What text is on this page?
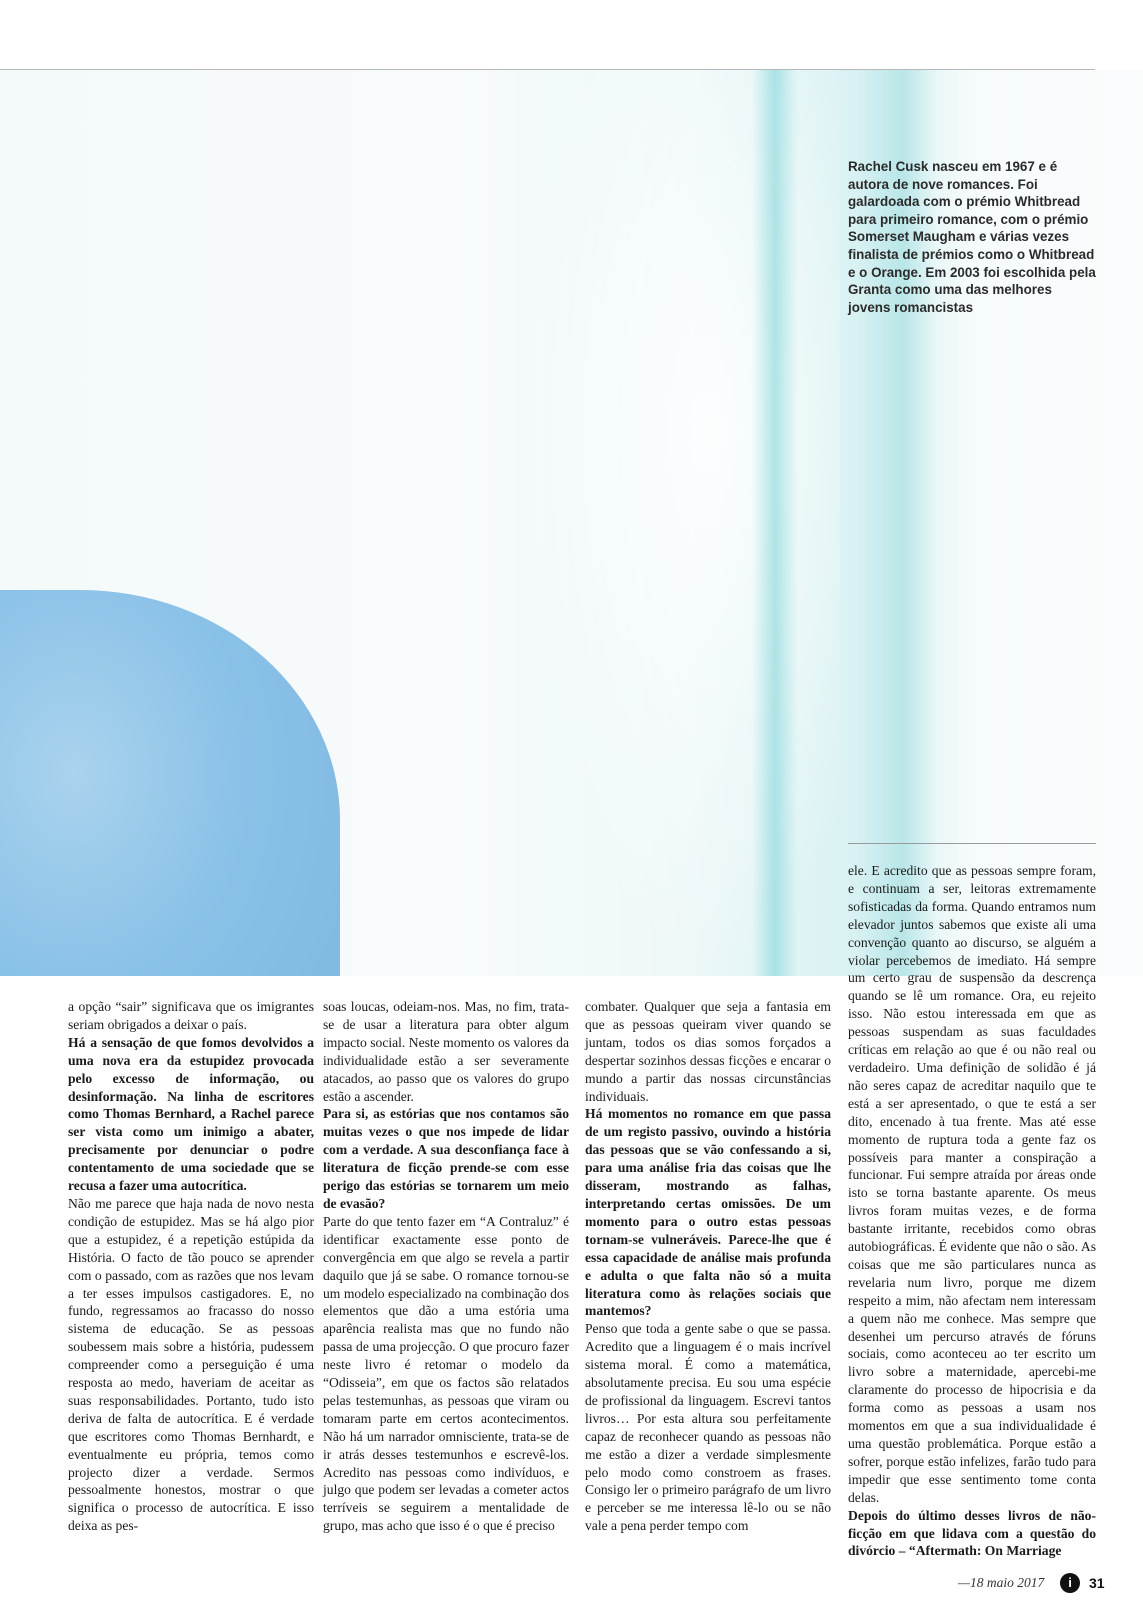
Rachel Cusk nasceu em 1967 e é autora de nove romances. Foi galardoada com o prémio Whitbread para primeiro romance, com o prémio Somerset Maugham e várias vezes finalista de prémios como o Whitbread e o Orange. Em 2003 foi escolhida pela Granta como uma das melhores jovens romancistas

a opção “sair” significava que os imigrantes seriam obrigados a deixar o país.

Há a sensação de que fomos devolvidos a uma nova era da estupidez provocada pelo excesso de informação, ou desinformação. Na linha de escritores como Thomas Bernhard, a Rachel parece ser vista como um inimigo a abater, precisamente por denunciar o podre contentamento de uma sociedade que se recusa a fazer uma autocrítica.

Não me parece que haja nada de novo nesta condição de estupidez. Mas se há algo pior que a estupidez, é a repetição estúpida da História. O facto de tão pouco se aprender com o passado, com as razões que nos levam a ter esses impulsos castigadores. E, no fundo, regressamos ao fracasso do nosso sistema de educação. Se as pessoas soubessem mais sobre a história, pudessem compreender como a perseguição é uma resposta ao medo, haveriam de aceitar as suas responsabilidades. Portanto, tudo isto deriva de falta de autocrítica. E é verdade que escritores como Thomas Bernhardt, e eventualmente eu própria, temos como projecto dizer a verdade. Sermos pessoalmente honestos, mostrar o que significa o processo de autocrítica. E isso deixa as pes-

soas loucas, odeiam-nos. Mas, no fim, trata-se de usar a literatura para obter algum impacto social. Neste momento os valores da individualidade estão a ser severamente atacados, ao passo que os valores do grupo estão a ascender.

Para si, as estórias que nos contamos são muitas vezes o que nos impede de lidar com a verdade. A sua desconfiança face à literatura de ficção prende-se com esse perigo das estórias se tornarem um meio de evasão?

Parte do que tento fazer em “A Contraluz” é identificar exactamente esse ponto de convergência em que algo se revela a partir daquilo que já se sabe. O romance tornou-se um modelo especializado na combinação dos elementos que dão a uma estória uma aparência realista mas que no fundo não passa de uma projecção. O que procuro fazer neste livro é retomar o modelo da “Odisseia”, em que os factos são relatados pelas testemunhas, as pessoas que viram ou tomaram parte em certos acontecimentos. Não há um narrador omnisciente, trata-se de ir atrás desses testemunhos e escrevê-los. Acredito nas pessoas como indivíduos, e julgo que podem ser levadas a cometer actos terríveis se seguirem a mentalidade de grupo, mas acho que isso é o que é preciso

combater. Qualquer que seja a fantasia em que as pessoas queiram viver quando se juntam, todos os dias somos forçados a despertar sozinhos dessas ficções e encarar o mundo a partir das nossas circunstâncias individuais.

Há momentos no romance em que passa de um registo passivo, ouvindo a história das pessoas que se vão confessando a si, para uma análise fria das coisas que lhe disseram, mostrando as falhas, interpretando certas omissões. De um momento para o outro estas pessoas tornam-se vulneráveis. Parece-lhe que é essa capacidade de análise mais profunda e adulta o que falta não só a muita literatura como às relações sociais que mantemos?

Penso que toda a gente sabe o que se passa. Acredito que a linguagem é o mais incrível sistema moral. É como a matemática, absolutamente precisa. Eu sou uma espécie de profissional da linguagem. Escrevi tantos livros… Por esta altura sou perfeitamente capaz de reconhecer quando as pessoas não me estão a dizer a verdade simplesmente pelo modo como constroem as frases. Consigo ler o primeiro parágrafo de um livro e perceber se me interessa lê-lo ou se não vale a pena perder tempo com

ele. E acredito que as pessoas sempre foram, e continuam a ser, leitoras extremamente sofisticadas da forma. Quando entramos num elevador juntos sabemos que existe ali uma convenção quanto ao discurso, se alguém a violar percebemos de imediato. Há sempre um certo grau de suspensão da descrença quando se lê um romance. Ora, eu rejeito isso. Não estou interessada em que as pessoas suspendam as suas faculdades críticas em relação ao que é ou não real ou verdadeiro. Uma definição de solidão é já não seres capaz de acreditar naquilo que te está a ser apresentado, o que te está a ser dito, encenado à tua frente. Mas até esse momento de ruptura toda a gente faz os possíveis para manter a conspiração a funcionar. Fui sempre atraída por áreas onde isto se torna bastante aparente. Os meus livros foram muitas vezes, e de forma bastante irritante, recebidos como obras autobiográficas. É evidente que não o são. As coisas que me são particulares nunca as revelaria num livro, porque me dizem respeito a mim, não afectam nem interessam a quem não me conhece. Mas sempre que desenhei um percurso através de fóruns sociais, como aconteceu ao ter escrito um livro sobre a maternidade, apercebi-me claramente do processo de hipocrisia e da forma como as pessoas a usam nos momentos em que a sua individualidade é uma questão problemática. Porque estão a sofrer, porque estão infelizes, farão tudo para impedir que esse sentimento tome conta delas.

Depois do último desses livros de não-ficção em que lidava com a questão do divórcio – “Aftermath: On Marriage

—18 maio 2017	i	31
